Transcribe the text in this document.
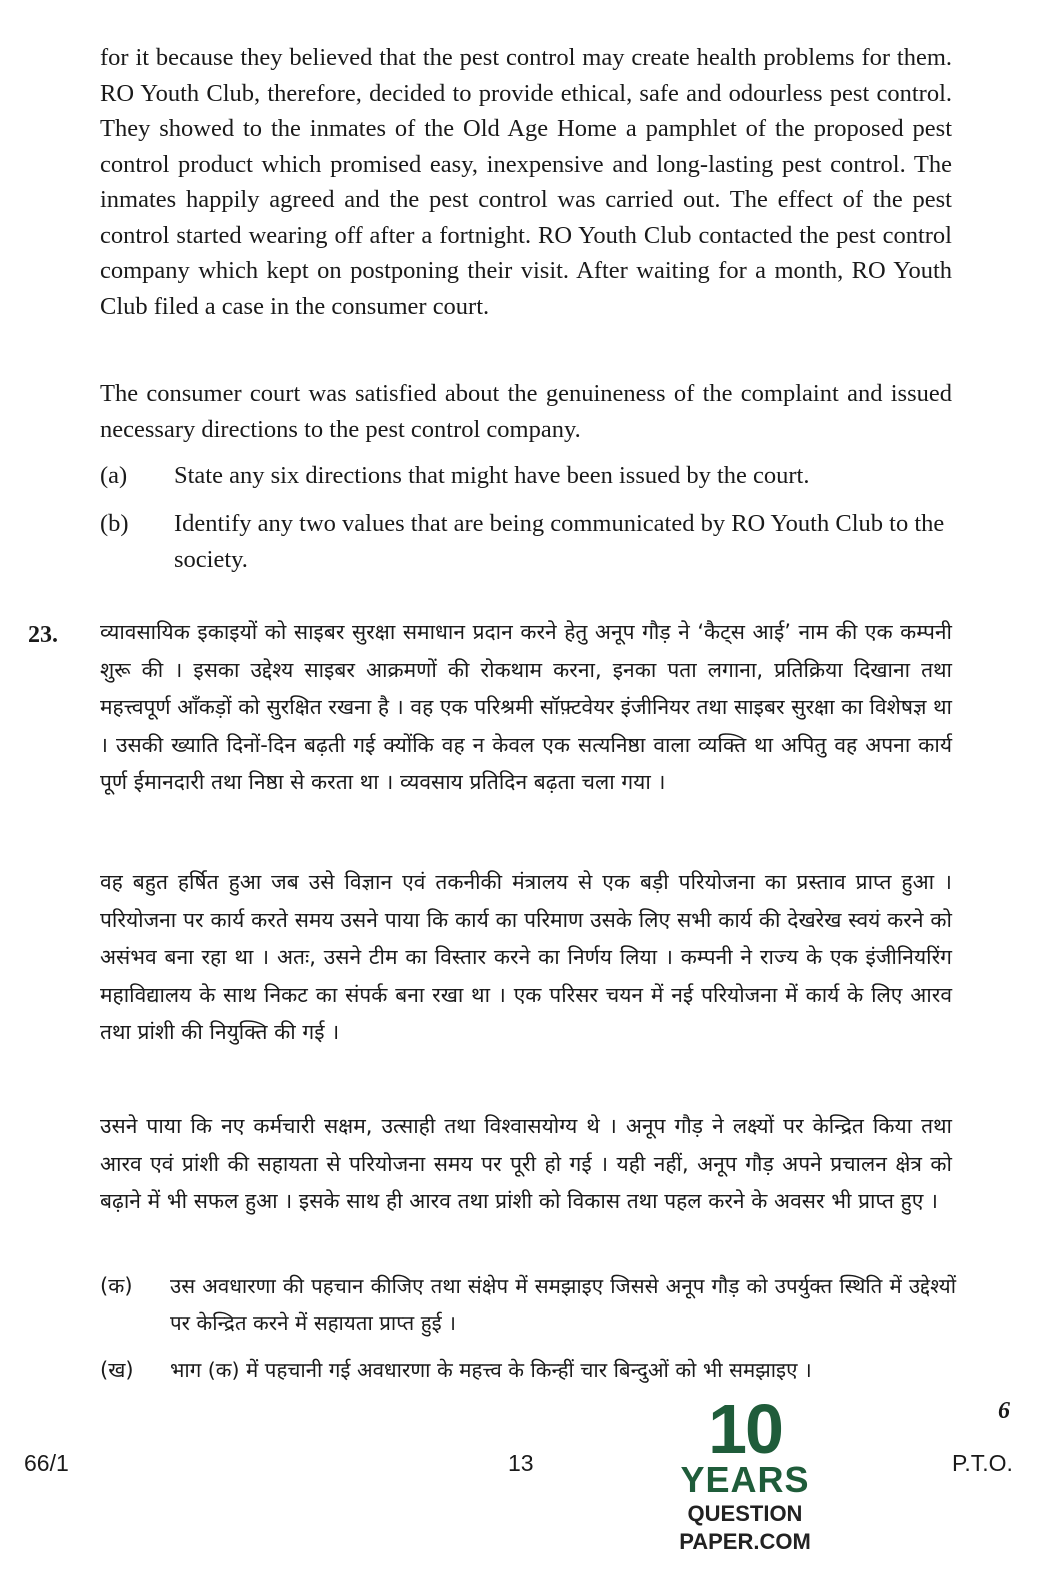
for it because they believed that the pest control may create health problems for them. RO Youth Club, therefore, decided to provide ethical, safe and odourless pest control. They showed to the inmates of the Old Age Home a pamphlet of the proposed pest control product which promised easy, inexpensive and long-lasting pest control. The inmates happily agreed and the pest control was carried out. The effect of the pest control started wearing off after a fortnight. RO Youth Club contacted the pest control company which kept on postponing their visit. After waiting for a month, RO Youth Club filed a case in the consumer court.
The consumer court was satisfied about the genuineness of the complaint and issued necessary directions to the pest control company.
(a) State any six directions that might have been issued by the court.
(b) Identify any two values that are being communicated by RO Youth Club to the society.
23. व्यावसायिक इकाइयों को साइबर सुरक्षा समाधान प्रदान करने हेतु अनूप गौड़ ने ‘कैट्स आई’ नाम की एक कम्पनी शुरू की । इसका उद्देश्य साइबर आक्रमणों की रोकथाम करना, इनका पता लगाना, प्रतिक्रिया दिखाना तथा महत्त्वपूर्ण आँकड़ों को सुरक्षित रखना है । वह एक परिश्रमी सॉफ़्टवेयर इंजीनियर तथा साइबर सुरक्षा का विशेषज्ञ था । उसकी ख्याति दिनों-दिन बढ़ती गई क्योंकि वह न केवल एक सत्यनिष्ठा वाला व्यक्ति था अपितु वह अपना कार्य पूर्ण ईमानदारी तथा निष्ठा से करता था । व्यवसाय प्रतिदिन बढ़ता चला गया ।
वह बहुत हर्षित हुआ जब उसे विज्ञान एवं तकनीकी मंत्रालय से एक बड़ी परियोजना का प्रस्ताव प्राप्त हुआ । परियोजना पर कार्य करते समय उसने पाया कि कार्य का परिमाण उसके लिए सभी कार्य की देखरेख स्वयं करने को असंभव बना रहा था । अतः, उसने टीम का विस्तार करने का निर्णय लिया । कम्पनी ने राज्य के एक इंजीनियरिंग महाविद्यालय के साथ निकट का संपर्क बना रखा था । एक परिसर चयन में नई परियोजना में कार्य के लिए आरव तथा प्रांशी की नियुक्ति की गई ।
उसने पाया कि नए कर्मचारी सक्षम, उत्साही तथा विश्वासयोग्य थे । अनूप गौड़ ने लक्ष्यों पर केन्द्रित किया तथा आरव एवं प्रांशी की सहायता से परियोजना समय पर पूरी हो गई । यही नहीं, अनूप गौड़ अपने प्रचालन क्षेत्र को बढ़ाने में भी सफल हुआ । इसके साथ ही आरव तथा प्रांशी को विकास तथा पहल करने के अवसर भी प्राप्त हुए ।
(क) उस अवधारणा की पहचान कीजिए तथा संक्षेप में समझाइए जिससे अनूप गौड़ को उपर्युक्त स्थिति में उद्देश्यों पर केन्द्रित करने में सहायता प्राप्त हुई ।
(ख) भाग (क) में पहचानी गई अवधारणा के महत्त्व के किन्हीं चार बिन्दुओं को भी समझाइए ।
6
66/1	13	P.T.O.
10
YEARS
QUESTION PAPER.COM
